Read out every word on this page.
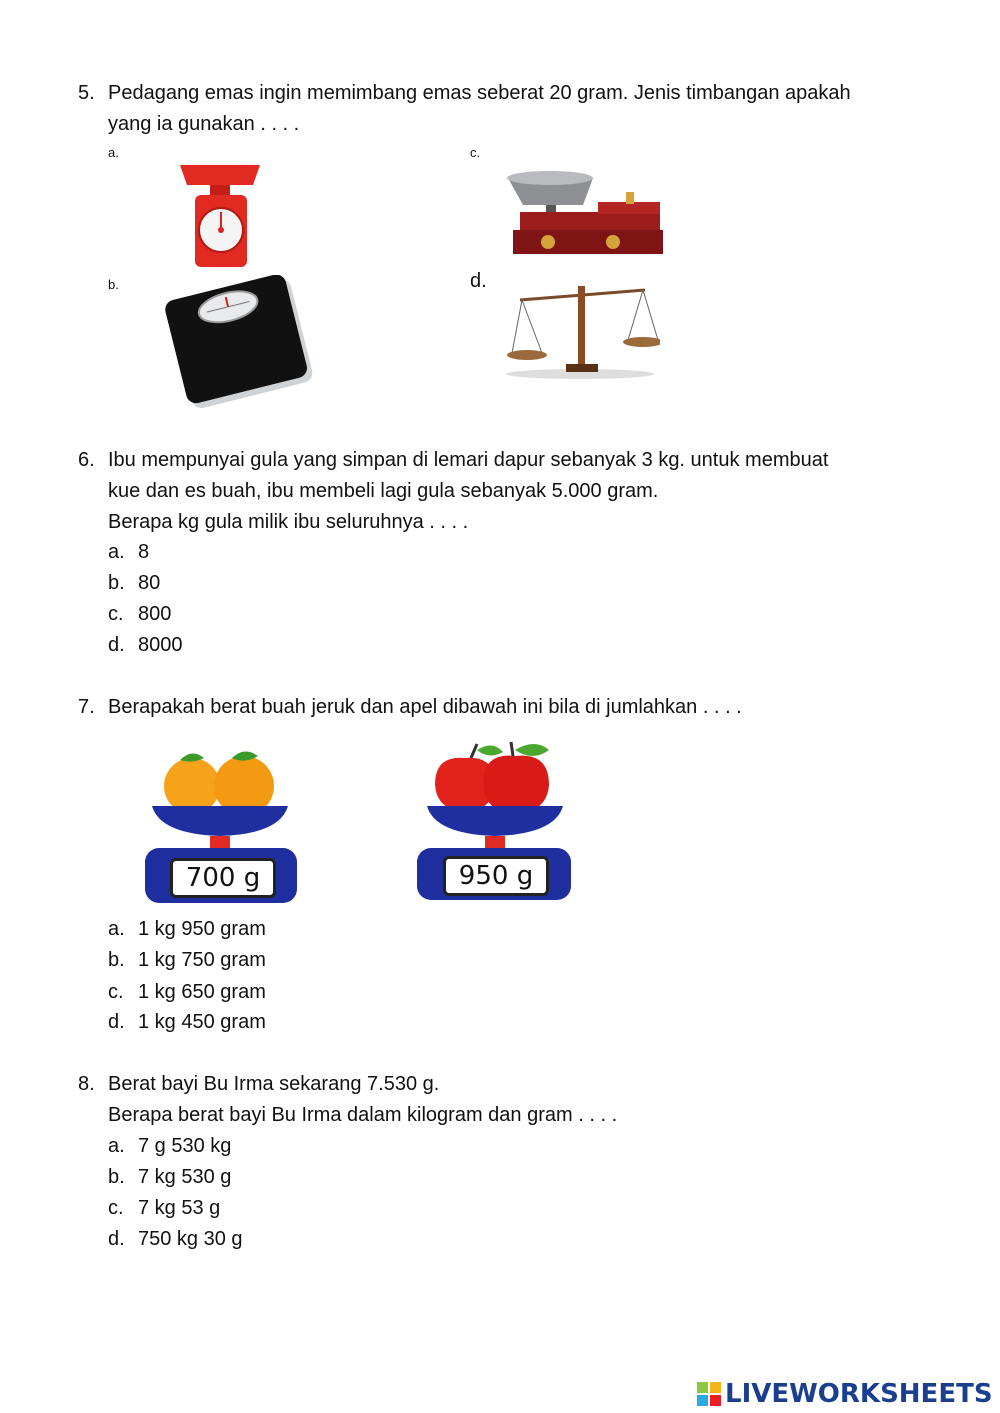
5. Pedagang emas ingin memimbang emas seberat 20 gram. Jenis timbangan apakah
yang ia gunakan . . . .
a.
b.
c.
d.
6. Ibu mempunyai gula yang simpan di lemari dapur sebanyak 3 kg. untuk membuat
kue dan es buah, ibu membeli lagi gula sebanyak 5.000 gram.
Berapa kg gula milik ibu seluruhnya . . . .
a. 8
b. 80
c. 800
d. 8000
7. Berapakah berat buah jeruk dan apel dibawah ini bila di jumlahkan . . . .
700 g	950 g
a. 1 kg 950 gram
b. 1 kg 750 gram
c. 1 kg 650 gram
d. 1 kg 450 gram
8. Berat bayi Bu Irma sekarang 7.530 g.
Berapa berat bayi Bu Irma dalam kilogram dan gram . . . .
a. 7 g 530 kg
b. 7 kg 530 g
c. 7 kg 53 g
d. 750 kg 30 g
LIVEWORKSHEETS
